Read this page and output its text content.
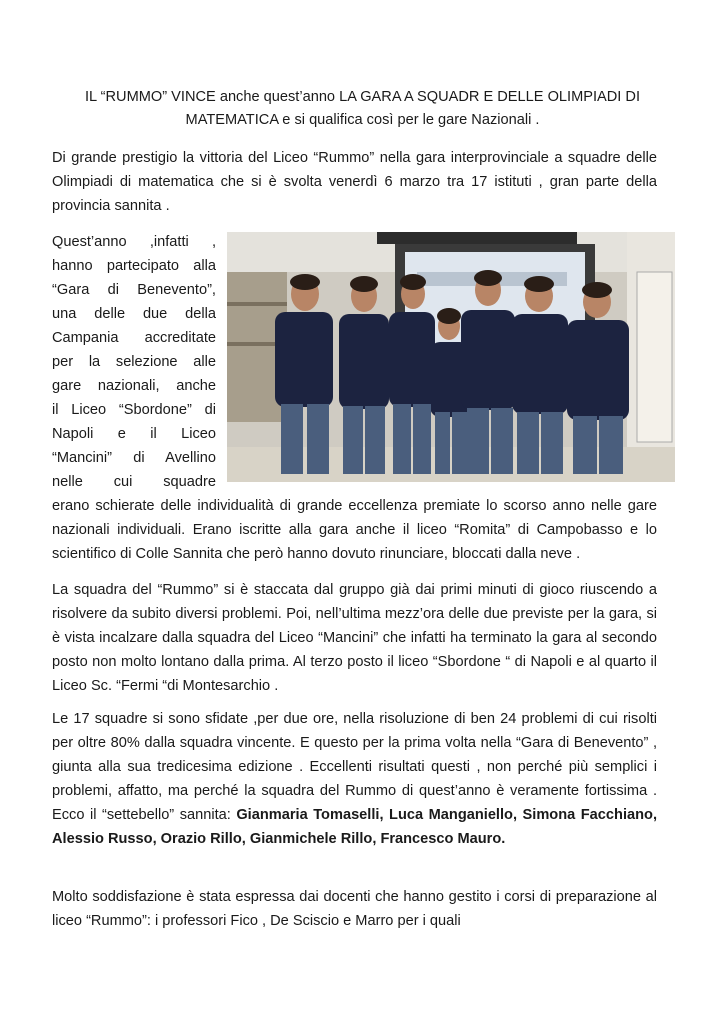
IL “RUMMO” VINCE anche quest’anno LA GARA A SQUADR E DELLE OLIMPIADI DI
MATEMATICA e si qualifica così per le gare Nazionali .

Di grande prestigio la vittoria del Liceo “Rummo” nella gara interprovinciale a squadre delle Olimpiadi di matematica che si è svolta venerdì 6 marzo tra 17 istituti , gran parte della provincia sannita .

Quest’anno ,infatti ,
hanno partecipato alla
“Gara di Benevento”,
una delle due della
Campania accreditate
per la selezione alle
gare nazionali, anche
il Liceo “Sbordone” di
Napoli e il Liceo
“Mancini” di Avellino
nelle cui squadre

erano schierate delle individualità di grande eccellenza premiate lo scorso anno nelle gare nazionali individuali. Erano iscritte alla gara anche il liceo “Romita” di Campobasso e lo scientifico di Colle Sannita che però hanno dovuto rinunciare, bloccati dalla neve .

La squadra del “Rummo” si è staccata dal gruppo già dai primi minuti di gioco riuscendo a risolvere da subito diversi problemi. Poi, nell’ultima mezz’ora delle due previste per la gara, si è vista incalzare dalla squadra del Liceo “Mancini” che infatti ha terminato la gara al secondo posto non molto lontano dalla prima. Al terzo posto il liceo “Sbordone “ di Napoli e al quarto il Liceo Sc. “Fermi “di Montesarchio .

Le 17 squadre si sono sfidate ,per due ore, nella risoluzione di ben 24 problemi di cui risolti per oltre 80% dalla squadra vincente. E questo per la prima volta nella “Gara di Benevento” , giunta alla sua tredicesima edizione . Eccellenti risultati questi , non perché più semplici i problemi, affatto, ma perché la squadra del Rummo di quest’anno è veramente fortissima . Ecco il “settebello” sannita: Gianmaria Tomaselli, Luca Manganiello, Simona Facchiano, Alessio Russo, Orazio Rillo, Gianmichele Rillo, Francesco Mauro.

Molto soddisfazione è stata espressa dai docenti che hanno gestito i corsi di preparazione al liceo “Rummo”: i professori Fico , De Sciscio e Marro per i quali
